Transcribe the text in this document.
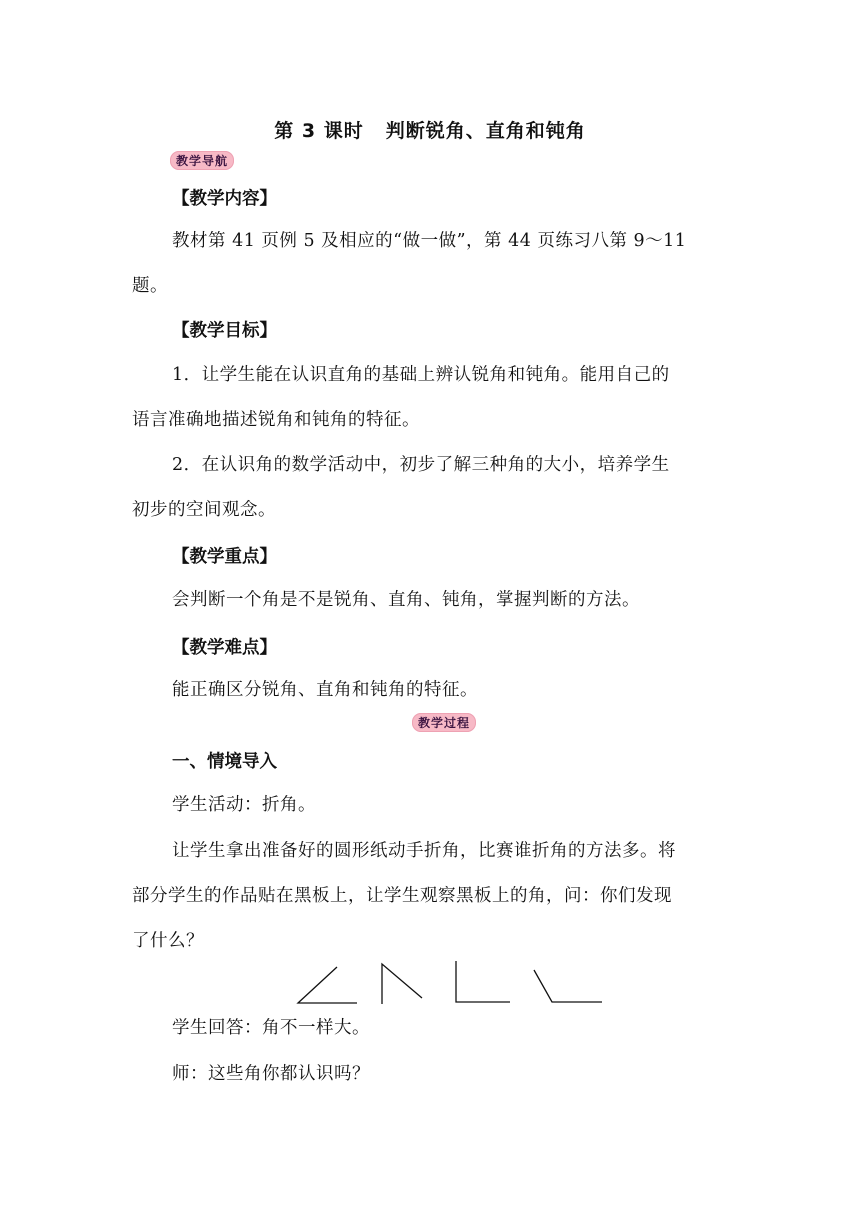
第 3 课时 判断锐角、直角和钝角
教学导航
【教学内容】
教材第 41 页例 5 及相应的“做一做”，第 44 页练习八第 9～11
题。
【教学目标】
1．让学生能在认识直角的基础上辨认锐角和钝角。能用自己的
语言准确地描述锐角和钝角的特征。
2．在认识角的数学活动中，初步了解三种角的大小，培养学生
初步的空间观念。
【教学重点】
会判断一个角是不是锐角、直角、钝角，掌握判断的方法。
【教学难点】
能正确区分锐角、直角和钝角的特征。
教学过程
一、情境导入
学生活动：折角。
让学生拿出准备好的圆形纸动手折角，比赛谁折角的方法多。将
部分学生的作品贴在黑板上，让学生观察黑板上的角，问：你们发现
了什么？
学生回答：角不一样大。
师：这些角你都认识吗？
